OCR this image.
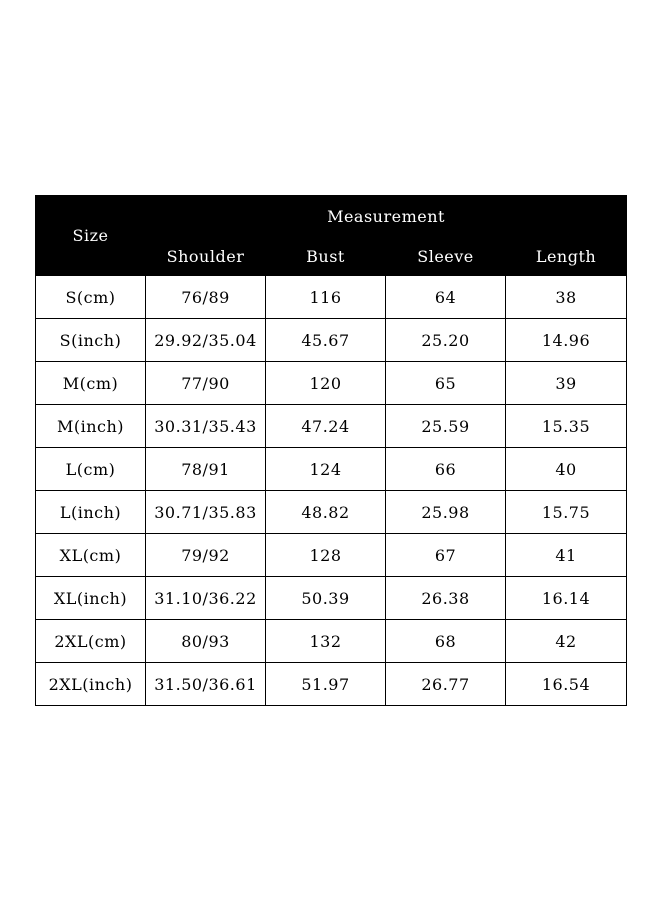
Size	Measurement			
	Shoulder	Bust	Sleeve	Length
S(cm)	76/89	116	64	38
S(inch)	29.92/35.04	45.67	25.20	14.96
M(cm)	77/90	120	65	39
M(inch)	30.31/35.43	47.24	25.59	15.35
L(cm)	78/91	124	66	40
L(inch)	30.71/35.83	48.82	25.98	15.75
XL(cm)	79/92	128	67	41
XL(inch)	31.10/36.22	50.39	26.38	16.14
2XL(cm)	80/93	132	68	42
2XL(inch)	31.50/36.61	51.97	26.77	16.54
